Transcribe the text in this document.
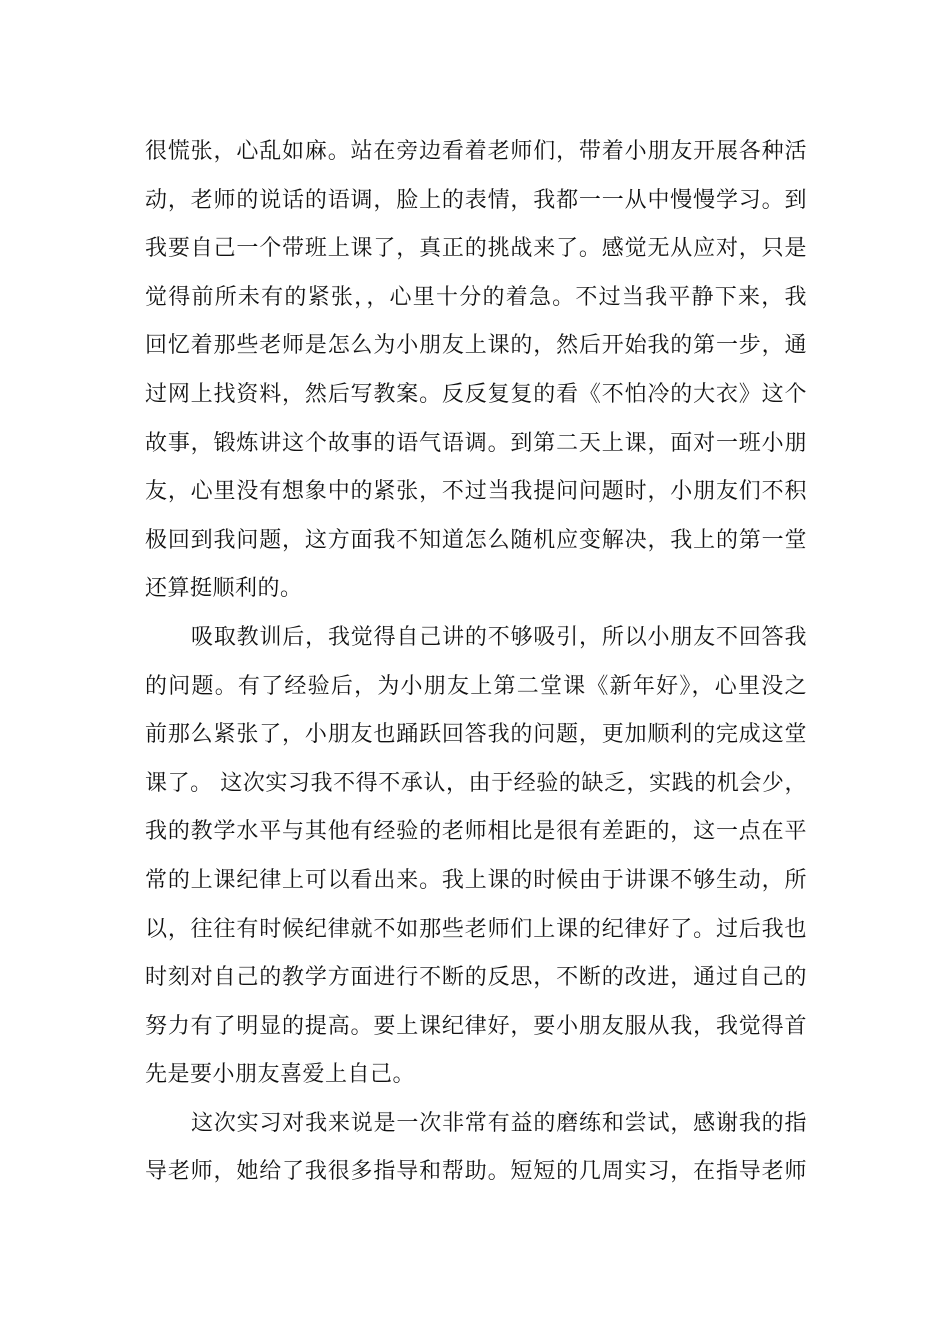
很慌张，心乱如麻。站在旁边看着老师们，带着小朋友开展各种活
动，老师的说话的语调，脸上的表情，我都一一从中慢慢学习。到
我要自己一个带班上课了，真正的挑战来了。感觉无从应对，只是
觉得前所未有的紧张，，心里十分的着急。不过当我平静下来，我
回忆着那些老师是怎么为小朋友上课的，然后开始我的第一步，通
过网上找资料，然后写教案。反反复复的看《不怕冷的大衣》这个
故事，锻炼讲这个故事的语气语调。到第二天上课，面对一班小朋
友，心里没有想象中的紧张，不过当我提问问题时，小朋友们不积
极回到我问题，这方面我不知道怎么随机应变解决，我上的第一堂
还算挺顺利的。
吸取教训后，我觉得自己讲的不够吸引，所以小朋友不回答我
的问题。有了经验后，为小朋友上第二堂课《新年好》，心里没之
前那么紧张了，小朋友也踊跃回答我的问题，更加顺利的完成这堂
课了。 这次实习我不得不承认，由于经验的缺乏，实践的机会少，
我的教学水平与其他有经验的老师相比是很有差距的，这一点在平
常的上课纪律上可以看出来。我上课的时候由于讲课不够生动，所
以，往往有时候纪律就不如那些老师们上课的纪律好了。过后我也
时刻对自己的教学方面进行不断的反思，不断的改进，通过自己的
努力有了明显的提高。要上课纪律好，要小朋友服从我，我觉得首
先是要小朋友喜爱上自己。
这次实习对我来说是一次非常有益的磨练和尝试，感谢我的指
导老师，她给了我很多指导和帮助。短短的几周实习，在指导老师
